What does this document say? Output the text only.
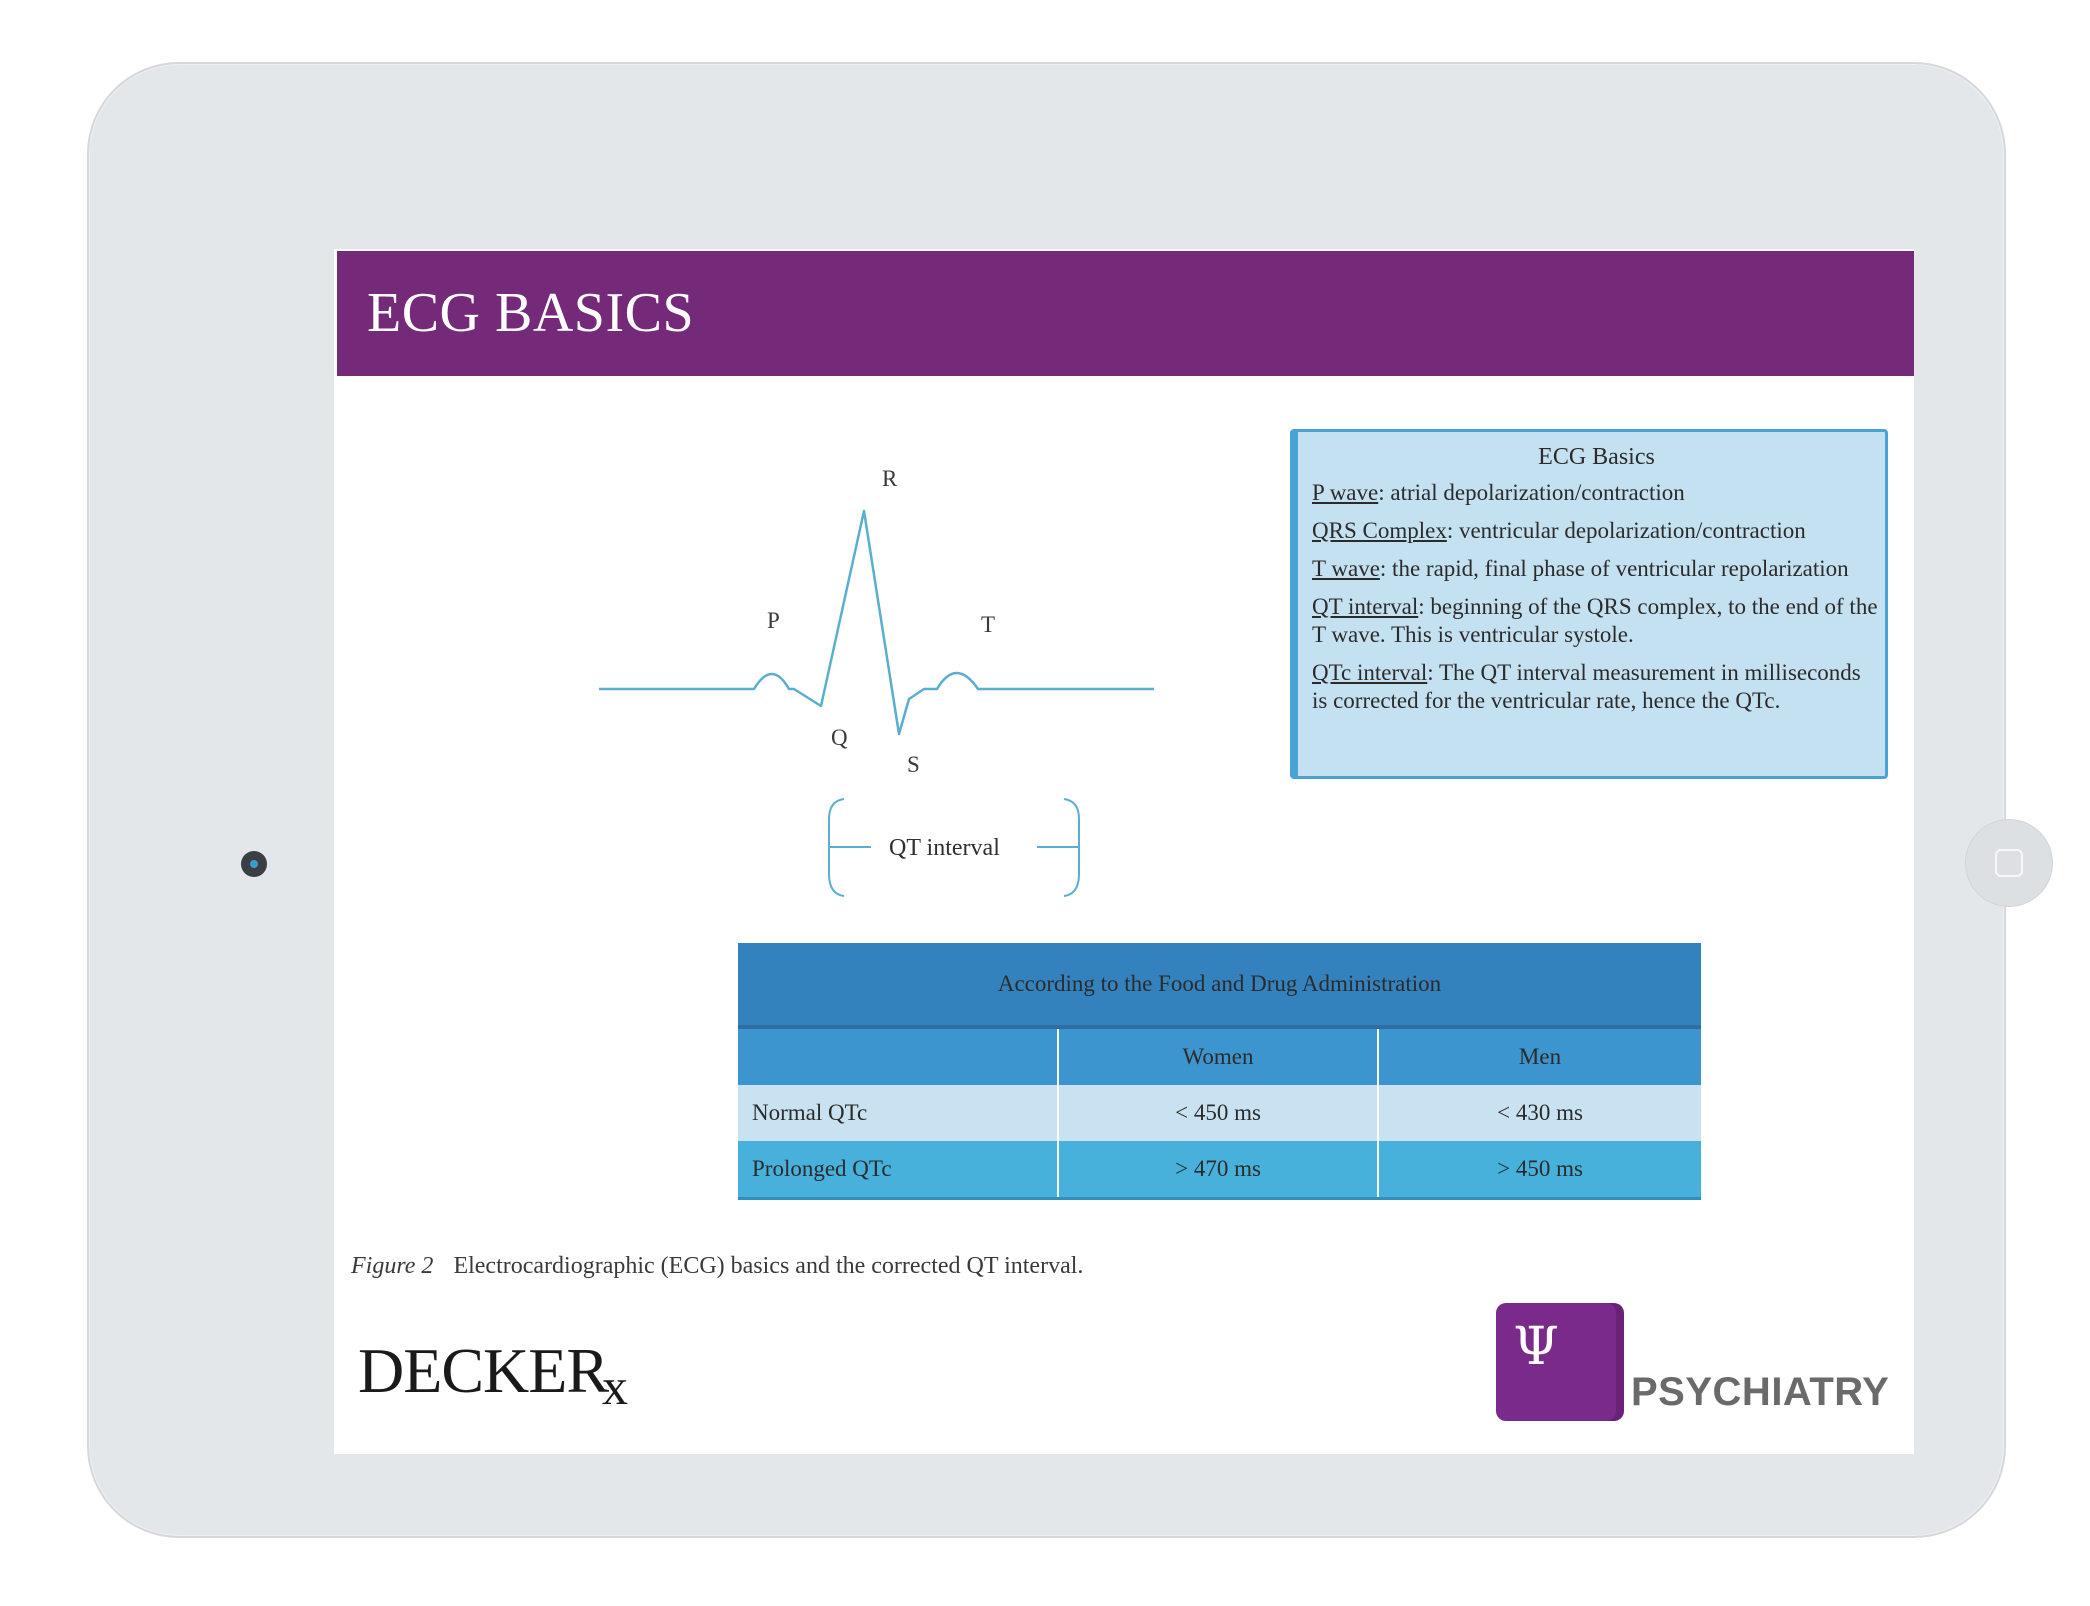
ECG BASICS
R
P	T
Q
S
QT interval

ECG Basics

P wave: atrial depolarization/contraction

QRS Complex: ventricular depolarization/contraction

T wave: the rapid, final phase of ventricular repolarization

QT interval: beginning of the QRS complex, to the end of the T wave. This is ventricular systole.

QTc interval: The QT interval measurement in milliseconds is corrected for the ventricular rate, hence the QTc.

According to the Food and Drug Administration		
	Women	Men
Normal QTc	< 450 ms	< 430 ms
Prolonged QTc	> 470 ms	> 450 ms
Figure 2 Electrocardiographic (ECG) basics and the corrected QT interval.
DECKERx
Ψ
PSYCHIATRY
